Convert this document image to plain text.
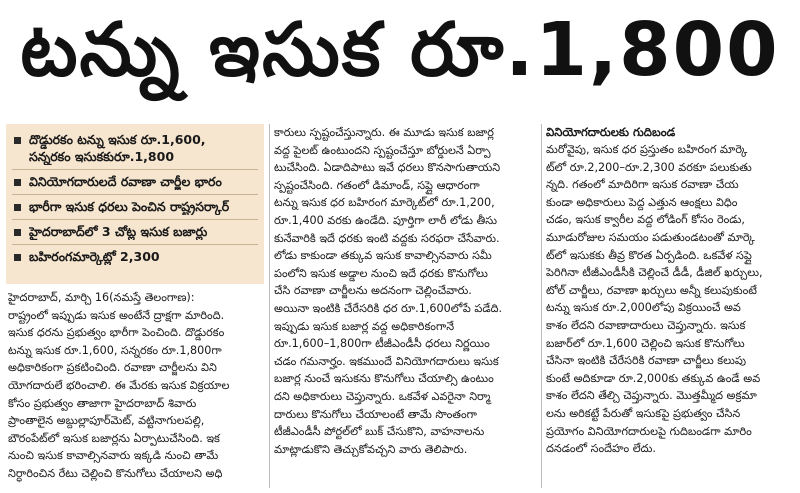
టన్ను ఇసుక రూ.1,800
దొడ్డురకం టన్ను ఇసుక రూ.1,600,
సన్నరకం ఇసుకకురూ.1,800
వినియోగదారులదే రవాణా చార్జీల భారం
భారీగా ఇసుక ధరలు పెంచిన రాష్ట్రసర్కార్
హైదరాబాద్‌లో 3 చోట్ల ఇసుక బజార్లు
బహిరంగమార్కెట్లో 2,300
హైదరాబాద్, మార్చి 16(నమస్తే తెలంగాణ):
రాష్ట్రంలో ఇప్పుడు ఇసుక అంటేనే ద్రాక్షగా మారింది.
ఇసుక ధరను ప్రభుత్వం భారీగా పెంచింది. దొడ్డురకం
టన్ను ఇసుక రూ.1,600, సన్నరకం రూ.1,800గా
అధికారికంగా ప్రకటించింది. రవాణా చార్జీలను విని
యోగదారులే భరించాలి. ఈ మేరకు ఇసుక విక్రయాల
కోసం ప్రభుత్వం తాజాగా హైదరాబాద్ శివారు
ప్రాంతాలైన అబ్దుల్లాపూర్‌మెట్, వట్టినాగులపల్లి,
బౌరంపేట్‌లో ఇసుక బజార్లను ఏర్పాటుచేసింది. ఇక
నుంచి ఇసుక కావాల్సినవారు ఇక్కడి నుంచి తామే
నిర్ధారించిన రేటు చెల్లించి కొనుగోలు చేయాలని అధి
కారులు స్పష్టంచేస్తున్నారు. ఈ మూడు ఇసుక బజార్ల
వద్ద పైలట్ ఉంటుందని స్పష్టంచేస్తూ బోర్డులనే ఏర్పా
టుచేసింది. ఏడాదిపాటు ఇవే ధరలు కొనసాగుతాయని
స్పష్టంచేసింది. గతంలో డిమాండ్, సప్లై ఆధారంగా
టన్ను ఇసుక ధర బహిరంగ మార్కెట్‌లో రూ.1,200,
రూ.1,400 వరకు ఉండేది. పూర్తిగా లారీ లోడు తీసు
కునేవారికి ఇదే ధరకు ఇంటి వద్దకు సరఫరా చేసేవారు.
లోడు కాకుండా తక్కువ ఇసుక కావాల్సినవారు సమీ
పంలోని ఇసుక అడ్డాల నుంచి ఇదే ధరకు కొనుగోలు
చేసి రవాణా చార్జీలను అదనంగా చెల్లించేవారు.
అయినా ఇంటికి చేరేసరికి ధర రూ.1,600లోపే పడేది.
ఇప్పుడు ఇసుక బజార్ల వద్ద అధికారికంగానే
రూ.1,600–1,800గా టీజీఎండీసీ ధరలు నిర్ణయిం
చడం గమనార్హం. ఇకముందే వినియోగదారులు ఇసుక
బజార్ల నుంచే ఇసుకను కొనుగోలు చేయాల్సి ఉంటుం
దని అధికారులు చెప్తున్నారు. ఒకవేళ ఎవరైనా నిర్మా
దారులు కొనుగోలు చేయాలంటే తామే సొంతంగా
టీజీఎండీసీ పోర్టల్‌లో బుక్ చేసుకొని, వాహనాలను
మాట్లాడుకొని తెచ్చుకోవచ్చని వారు తెలిపారు.
వినియోగదారులకు గుదిబండ
మరోవైపు, ఇసుక ధర ప్రస్తుతం బహిరంగ మార్కె
ట్‌లో రూ.2,200–రూ.2,300 వరకూ పలుకుతు
న్నది. గతంలో మాదిరిగా ఇసుక రవాణా చేయ
కుండా అధికారులు పెద్ద ఎత్తున ఆంక్షలు విధిం
చడం, ఇసుక క్వారీల వద్ద లోడింగ్ కోసం రెండు,
మూడురోజుల సమయం పడుతుండటంతో మార్కె
ట్‌లో ఇసుకకు తీవ్ర కొరత ఏర్పడింది. ఒకవేళ సప్లై
పెరిగినా టీజీఎండీసీకి చెల్లించే డీడీ, డీజిల్ ఖర్చులు,
టోల్ చార్జీలు, రవాణా ఖర్చులు అన్నీ కలుపుకుంటే
టన్ను ఇసుక రూ.2,000లోపు విక్రయించే అవ
కాశం లేదని రవాణాదారులు చెప్తున్నారు. ఇసుక
బజార్‌లో రూ.1,600 చెల్లించి ఇసుక కొనుగోలు
చేసినా ఇంటికి చేరేసరికి రవాణా చార్జీలు కలుపు
కుంటే అదికూడా రూ.2,000కు తక్కువ ఉండే అవ
కాశం లేదని తేల్చి చెప్తున్నారు. మొత్తమ్మీద అక్రమా
లను అరికట్టే పేరుతో ఇసుకపై ప్రభుత్వం చేసిన
ప్రయోగం వినియోగదారులపై గుదిబండగా మారిం
దనడంలో సందేహం లేదు.
